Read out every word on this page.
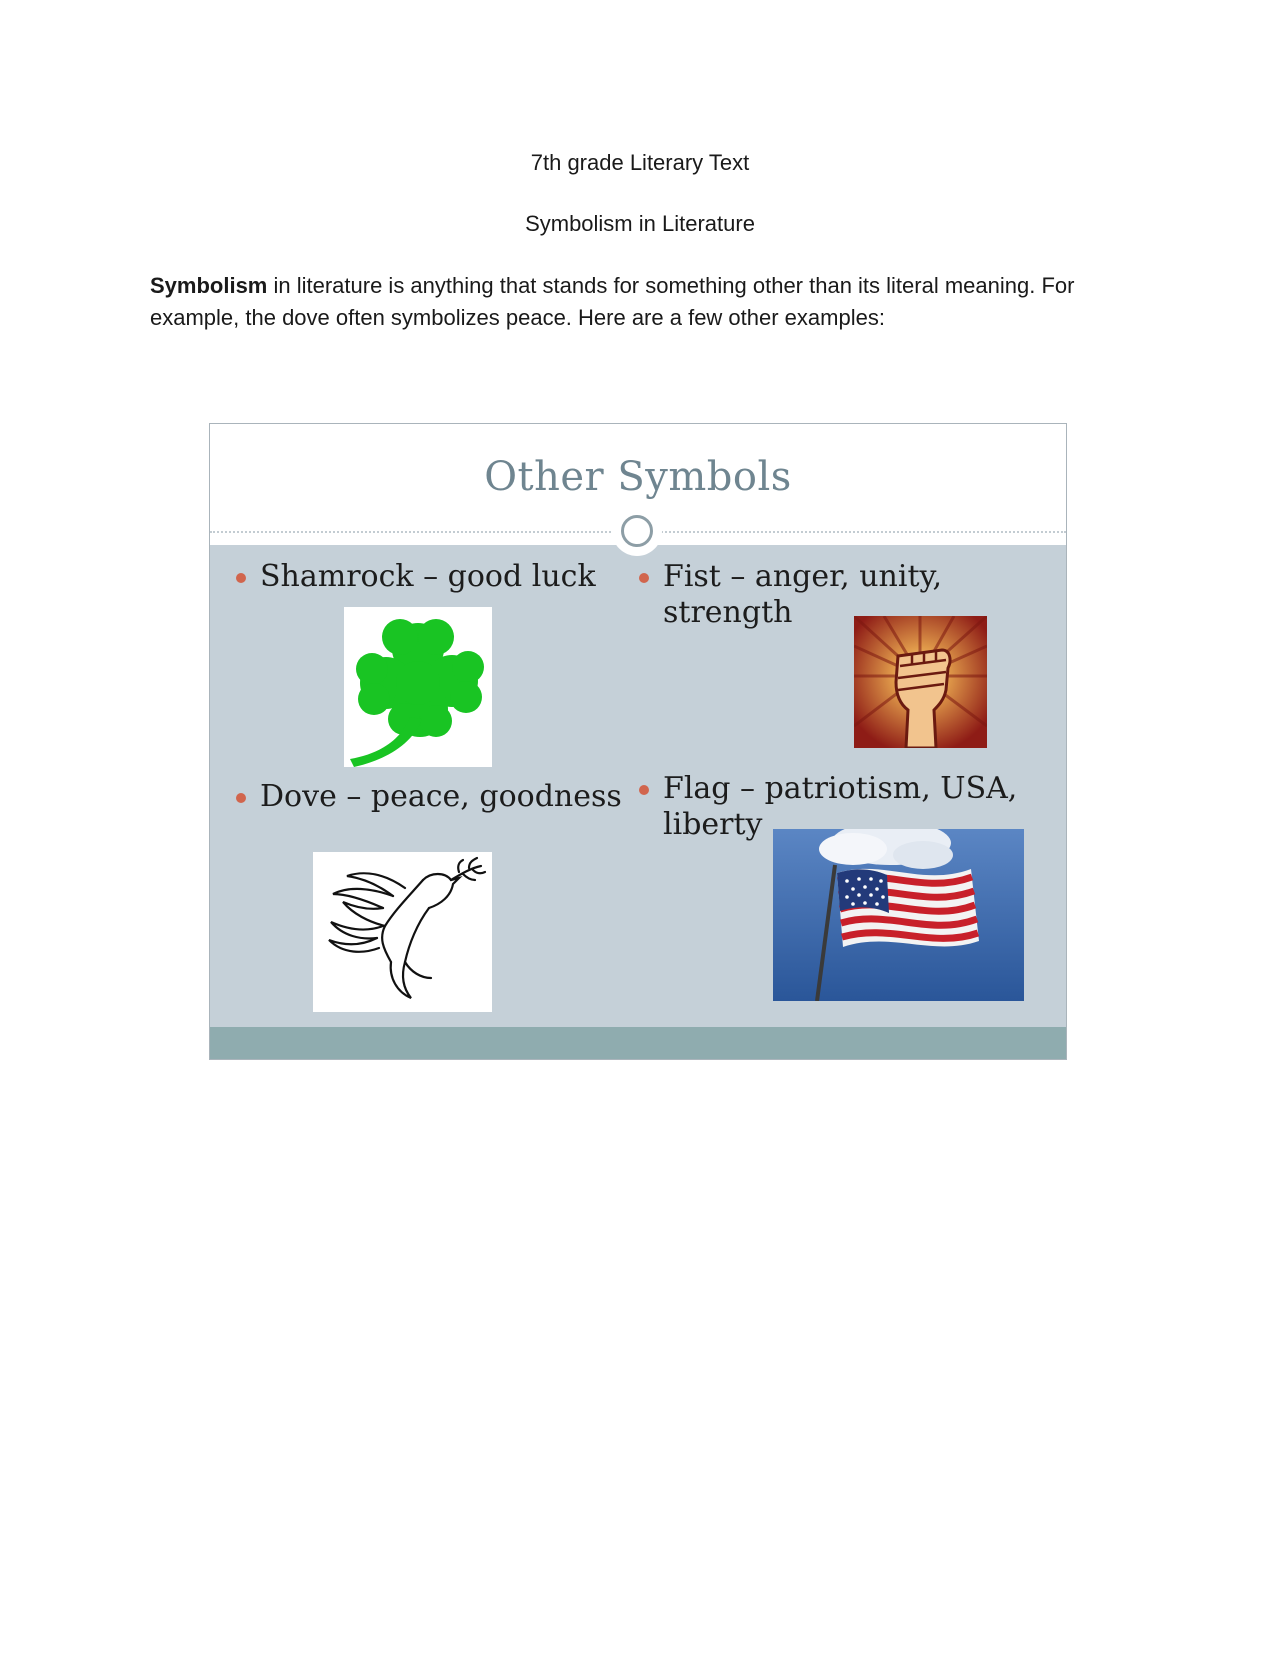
7th grade Literary Text
Symbolism in Literature
Symbolism in literature is anything that stands for something other than its literal meaning. For example, the dove often symbolizes peace. Here are a few other examples:
Other Symbols
Shamrock – good luck	Fist – anger, unity, strength
Dove – peace, goodness	Flag – patriotism, USA, liberty
